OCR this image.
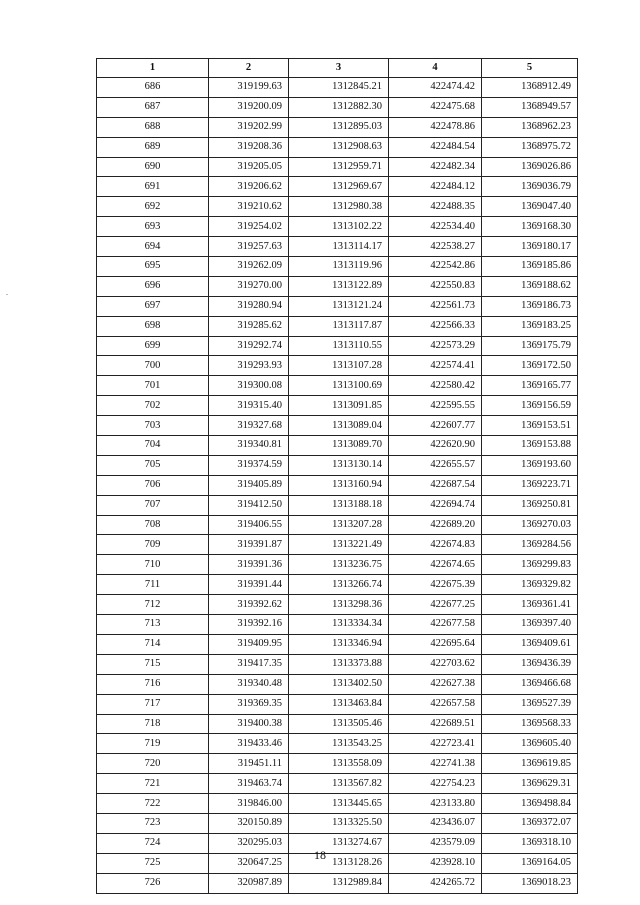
1	2	3	4	5
686	319199.63	1312845.21	422474.42	1368912.49
687	319200.09	1312882.30	422475.68	1368949.57
688	319202.99	1312895.03	422478.86	1368962.23
689	319208.36	1312908.63	422484.54	1368975.72
690	319205.05	1312959.71	422482.34	1369026.86
691	319206.62	1312969.67	422484.12	1369036.79
692	319210.62	1312980.38	422488.35	1369047.40
693	319254.02	1313102.22	422534.40	1369168.30
694	319257.63	1313114.17	422538.27	1369180.17
695	319262.09	1313119.96	422542.86	1369185.86
696	319270.00	1313122.89	422550.83	1369188.62
697	319280.94	1313121.24	422561.73	1369186.73
698	319285.62	1313117.87	422566.33	1369183.25
699	319292.74	1313110.55	422573.29	1369175.79
700	319293.93	1313107.28	422574.41	1369172.50
701	319300.08	1313100.69	422580.42	1369165.77
702	319315.40	1313091.85	422595.55	1369156.59
703	319327.68	1313089.04	422607.77	1369153.51
704	319340.81	1313089.70	422620.90	1369153.88
705	319374.59	1313130.14	422655.57	1369193.60
706	319405.89	1313160.94	422687.54	1369223.71
707	319412.50	1313188.18	422694.74	1369250.81
708	319406.55	1313207.28	422689.20	1369270.03
709	319391.87	1313221.49	422674.83	1369284.56
710	319391.36	1313236.75	422674.65	1369299.83
711	319391.44	1313266.74	422675.39	1369329.82
712	319392.62	1313298.36	422677.25	1369361.41
713	319392.16	1313334.34	422677.58	1369397.40
714	319409.95	1313346.94	422695.64	1369409.61
715	319417.35	1313373.88	422703.62	1369436.39
716	319340.48	1313402.50	422627.38	1369466.68
717	319369.35	1313463.84	422657.58	1369527.39
718	319400.38	1313505.46	422689.51	1369568.33
719	319433.46	1313543.25	422723.41	1369605.40
720	319451.11	1313558.09	422741.38	1369619.85
721	319463.74	1313567.82	422754.23	1369629.31
722	319846.00	1313445.65	423133.80	1369498.84
723	320150.89	1313325.50	423436.07	1369372.07
724	320295.03	1313274.67	423579.09	1369318.10
725	320647.25	1313128.26	423928.10	1369164.05
726	320987.89	1312989.84	424265.72	1369018.23
18
